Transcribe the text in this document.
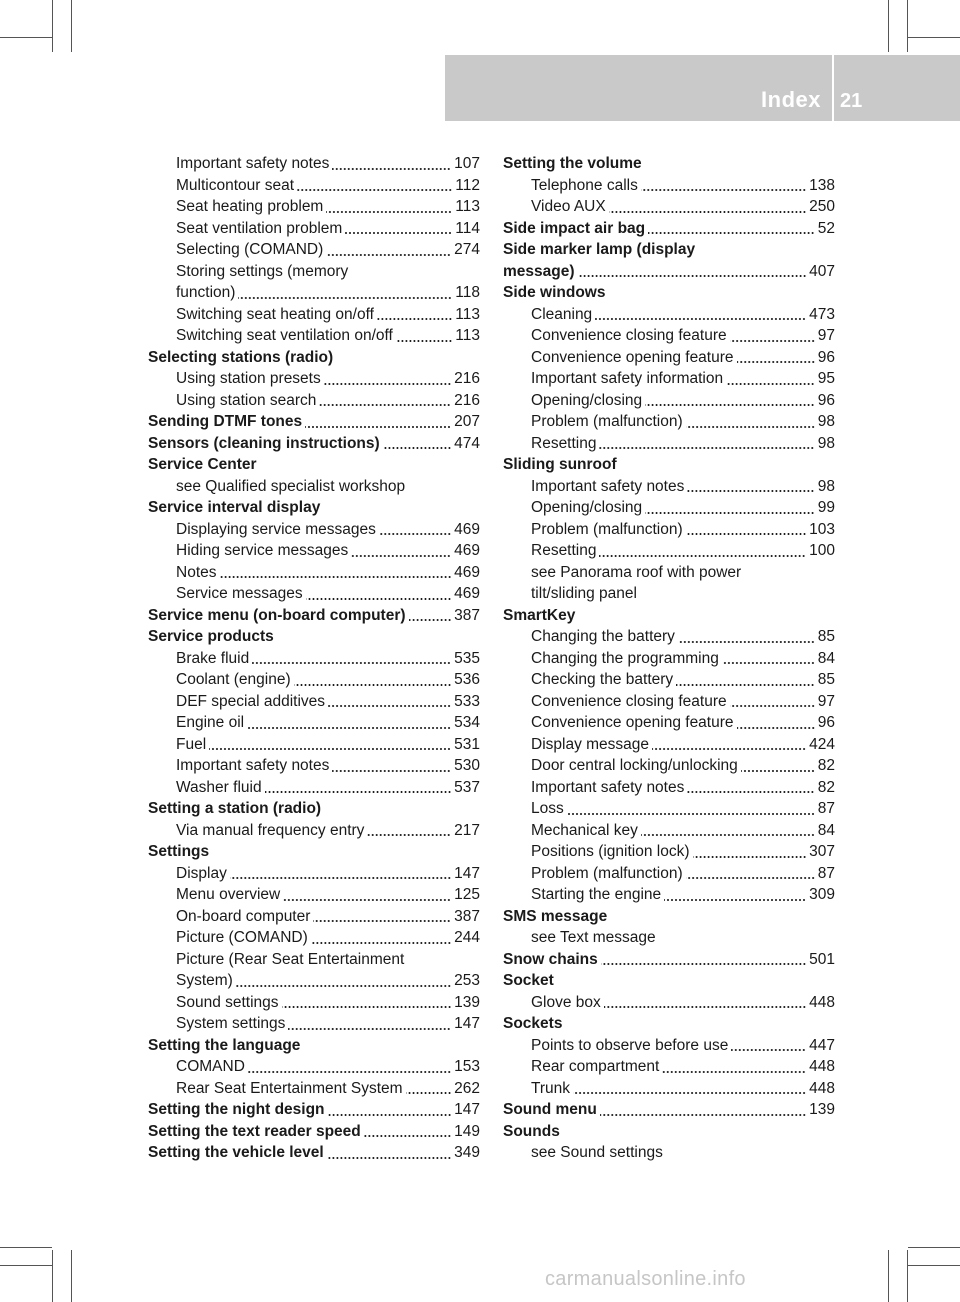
Index 21
Important safety notes	107
Multicontour seat	112
Seat heating problem	113
Seat ventilation problem	114
Selecting (COMAND)	274
Storing settings (memory
function)	118
Switching seat heating on/off	113
Switching seat ventilation on/off	113
Selecting stations (radio)
Using station presets	216
Using station search	216
Sending DTMF tones	207
Sensors (cleaning instructions)	474
Service Center
see Qualified specialist workshop
Service interval display
Displaying service messages	469
Hiding service messages	469
Notes	469
Service messages	469
Service menu (on-board computer)	387
Service products
Brake fluid	535
Coolant (engine)	536
DEF special additives	533
Engine oil	534
Fuel	531
Important safety notes	530
Washer fluid	537
Setting a station (radio)
Via manual frequency entry	217
Settings
Display	147
Menu overview	125
On-board computer	387
Picture (COMAND)	244
Picture (Rear Seat Entertainment
System)	253
Sound settings	139
System settings	147
Setting the language
COMAND	153
Rear Seat Entertainment System	262
Setting the night design	147
Setting the text reader speed	149
Setting the vehicle level	349
Setting the volume
Telephone calls	138
Video AUX	250
Side impact air bag	52
Side marker lamp (display
message)	407
Side windows
Cleaning	473
Convenience closing feature	97
Convenience opening feature	96
Important safety information	95
Opening/closing	96
Problem (malfunction)	98
Resetting	98
Sliding sunroof
Important safety notes	98
Opening/closing	99
Problem (malfunction)	103
Resetting	100
see Panorama roof with power
tilt/sliding panel
SmartKey
Changing the battery	85
Changing the programming	84
Checking the battery	85
Convenience closing feature	97
Convenience opening feature	96
Display message	424
Door central locking/unlocking	82
Important safety notes	82
Loss	87
Mechanical key	84
Positions (ignition lock)	307
Problem (malfunction)	87
Starting the engine	309
SMS message
see Text message
Snow chains	501
Socket
Glove box	448
Sockets
Points to observe before use	447
Rear compartment	448
Trunk	448
Sound menu	139
Sounds
see Sound settings
carmanualsonline.info
